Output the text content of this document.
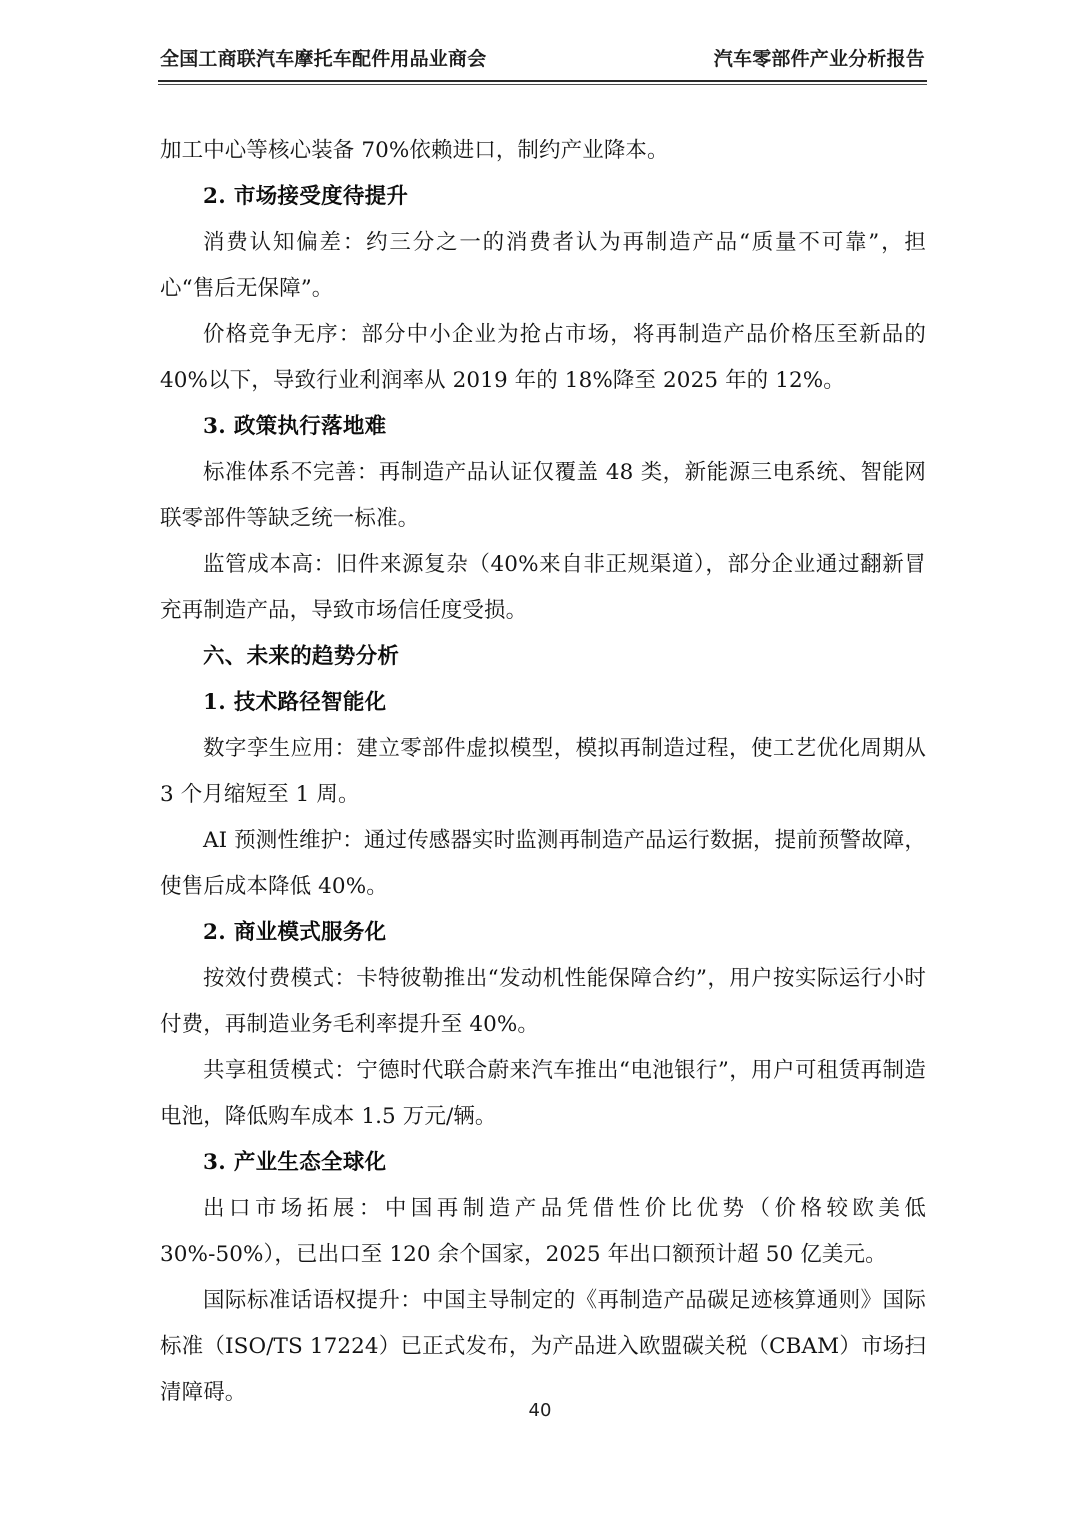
全国工商联汽车摩托车配件用品业商会	汽车零部件产业分析报告

加工中心等核心装备 70%依赖进口，制约产业降本。

2. 市场接受度待提升

消费认知偏差：约三分之一的消费者认为再制造产品“质量不可靠”，担心“售后无保障”。

价格竞争无序：部分中小企业为抢占市场，将再制造产品价格压至新品的 40%以下，导致行业利润率从 2019 年的 18%降至 2025 年的 12%。

3. 政策执行落地难

标准体系不完善：再制造产品认证仅覆盖 48 类，新能源三电系统、智能网联零部件等缺乏统一标准。

监管成本高：旧件来源复杂（40%来自非正规渠道），部分企业通过翻新冒充再制造产品，导致市场信任度受损。

六、未来的趋势分析
1. 技术路径智能化

数字孪生应用：建立零部件虚拟模型，模拟再制造过程，使工艺优化周期从 3 个月缩短至 1 周。

AI 预测性维护：通过传感器实时监测再制造产品运行数据，提前预警故障，使售后成本降低 40%。

2. 商业模式服务化

按效付费模式：卡特彼勒推出“发动机性能保障合约”，用户按实际运行小时付费，再制造业务毛利率提升至 40%。

共享租赁模式：宁德时代联合蔚来汽车推出“电池银行”，用户可租赁再制造电池，降低购车成本 1.5 万元/辆。

3. 产业生态全球化

出口市场拓展：中国再制造产品凭借性价比优势（价格较欧美低 30%-50%），已出口至 120 余个国家，2025 年出口额预计超 50 亿美元。

国际标准话语权提升：中国主导制定的《再制造产品碳足迹核算通则》国际标准（ISO/TS 17224）已正式发布，为产品进入欧盟碳关税（CBAM）市场扫清障碍。

40
